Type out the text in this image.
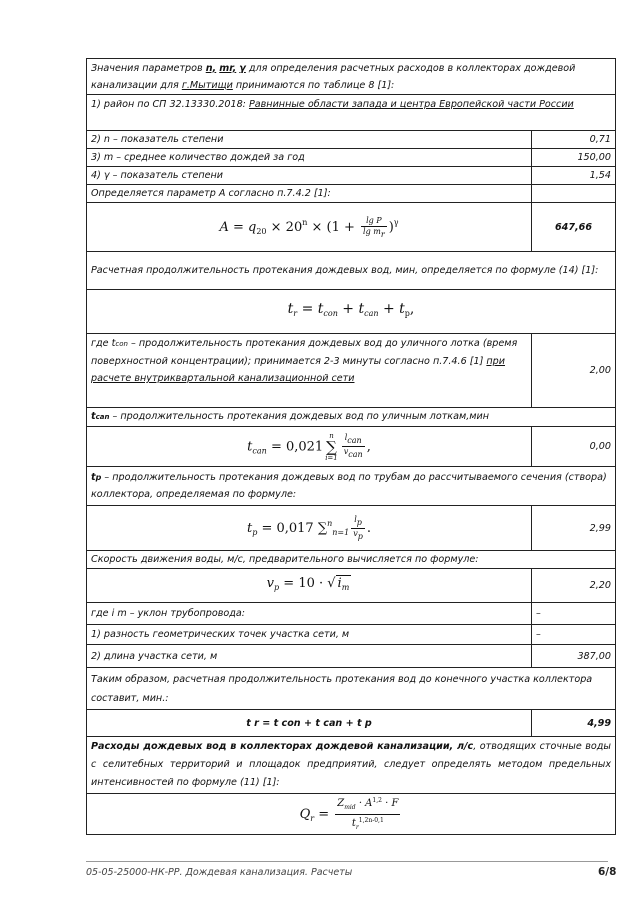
Значения параметров n, mr, γ для определения расчетных расходов в коллекторах дождевой канализации для г.Мытищи принимаются по таблице 8 [1]:	
1) район по СП 32.13330.2018: Равнинные области запада и центра Европейской части России	
2) n – показатель степени	0,71
3) m – среднее количество дождей за год	150,00
4) γ – показатель степени	1,54
Определяется параметр A согласно п.7.4.2 [1]:	
$A = q_{20} \times 20^n \times (1 + \frac{\text{lg P}}{\text{lg mr}} )^\gamma$	647,66
Расчетная продолжительность протекания дождевых вод, мин, определяется по формуле (14) [1]:	
$t_r = t_{con} + t_{can} + t_p$,	
где tcon – продолжительность протекания дождевых вод до уличного лотка (время поверхностной концентрации); принимается 2-3 минуты согласно п.7.4.6 [1] при расчете внутриквартальной канализационной сети	2,00
tcan – продолжительность протекания дождевых вод по уличным лоткам,мин	
$t_{can} = 0,021n$
∑
$i=1 \frac{\text{lcan}}{\text{vcan}}$ ,	0,00
tp – продолжительность протекания дождевых вод по трубам до рассчитываемого сечения (створа) коллектора, определяемая по формуле:	
$t_p = 0,017$ $\sum^n_{n=1} \frac{lp}{vp}$ .	2,99
Скорость движения воды, м/с, предварительного вычисляется по формуле:	
$v_p = 10$ · √ $i_m$	2,20
где i m – уклон трубопровода:	–
1) разность геометрических точек участка сети, м	–
2) длина участка сети, м	387,00
Таким образом, расчетная продолжительность протекания вод до конечного участка коллектора составит, мин.:	
t r = t con + t can + t p	4,99
Расходы дождевых вод в коллекторах дождевой канализации, л/с, отводящих сточные воды с селитебных территорий и площадок предприятий, следует определять методом предельных интенсивностей по формуле (11) [1]:	
$Q_r = \frac{Z_{mid} \cdot A^{1,2} \cdot F}{t_r^{1,2n-0,1}}$
05-05-25000-НК-РР. Дождевая канализация. Расчеты	6/8
